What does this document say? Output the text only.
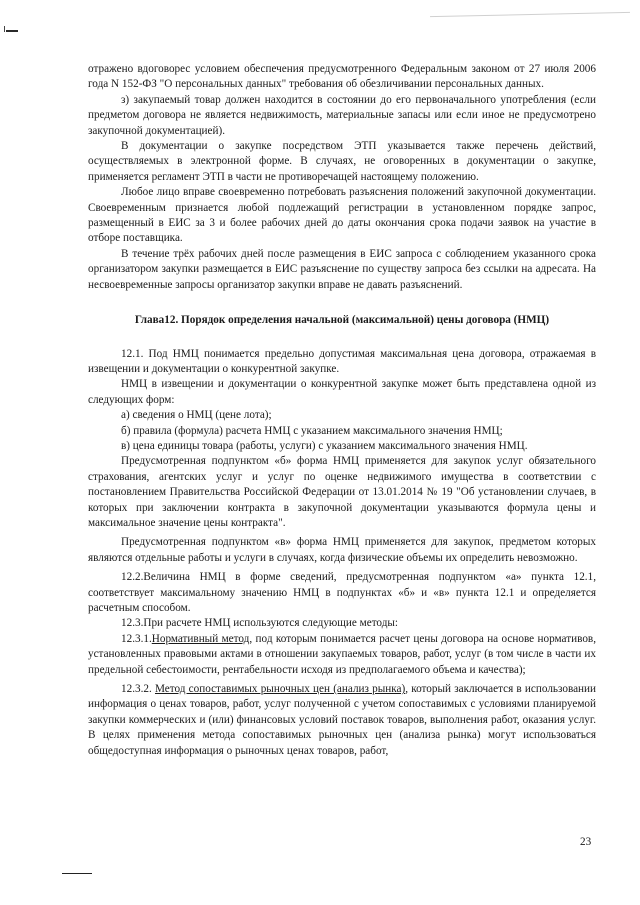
отражено вдоговорес условием обеспечения предусмотренного Федеральным законом от 27 июля 2006 года N 152-ФЗ "О персональных данных" требования об обезличивании персональных данных.

з) закупаемый товар должен находится в состоянии до его первоначального употребления (если предметом договора не является недвижимость, материальные запасы или если иное не предусмотрено закупочной документацией).

В документации о закупке посредством ЭТП указывается также перечень действий, осуществляемых в электронной форме. В случаях, не оговоренных в документации о закупке, применяется регламент ЭТП в части не противоречащей настоящему положению.

Любое лицо вправе своевременно потребовать разъяснения положений закупочной документации. Своевременным признается любой подлежащий регистрации в установленном порядке запрос, размещенный в ЕИС за 3 и более рабочих дней до даты окончания срока подачи заявок на участие в отборе поставщика.

В течение трёх рабочих дней после размещения в ЕИС запроса с соблюдением указанного срока организатором закупки размещается в ЕИС разъяснение по существу запроса без ссылки на адресата. На несвоевременные запросы организатор закупки вправе не давать разъяснений.

Глава12. Порядок определения начальной (максимальной) цены договора (НМЦ)

12.1. Под НМЦ понимается предельно допустимая максимальная цена договора, отражаемая в извещении и документации о конкурентной закупке.

НМЦ в извещении и документации о конкурентной закупке может быть представлена одной из следующих форм:

а) сведения о НМЦ (цене лота);

б) правила (формула) расчета НМЦ с указанием максимального значения НМЦ;

в) цена единицы товара (работы, услуги) с указанием максимального значения НМЦ.

Предусмотренная подпунктом «б» форма НМЦ применяется для закупок услуг обязательного страхования, агентских услуг и услуг по оценке недвижимого имущества в соответствии с постановлением Правительства Российской Федерации от 13.01.2014 № 19 "Об установлении случаев, в которых при заключении контракта в закупочной документации указываются формула цены и максимальное значение цены контракта".

Предусмотренная подпунктом «в» форма НМЦ применяется для закупок, предметом которых являются отдельные работы и услуги в случаях, когда физические объемы их определить невозможно.

12.2.Величина НМЦ в форме сведений, предусмотренная подпунктом «а» пункта 12.1, соответствует максимальному значению НМЦ в подпунктах «б» и «в» пункта 12.1 и определяется расчетным способом.

12.3.При расчете НМЦ используются следующие методы:

12.3.1.Нормативный метод, под которым понимается расчет цены договора на основе нормативов, установленных правовыми актами в отношении закупаемых товаров, работ, услуг (в том числе в части их предельной себестоимости, рентабельности исходя из предполагаемого объема и качества);

12.3.2. Метод сопоставимых рыночных цен (анализ рынка), который заключается в использовании информация о ценах товаров, работ, услуг полученной с учетом сопоставимых с условиями планируемой закупки коммерческих и (или) финансовых условий поставок товаров, выполнения работ, оказания услуг. В целях применения метода сопоставимых рыночных цен (анализа рынка) могут использоваться общедоступная информация о рыночных ценах товаров, работ,

23
